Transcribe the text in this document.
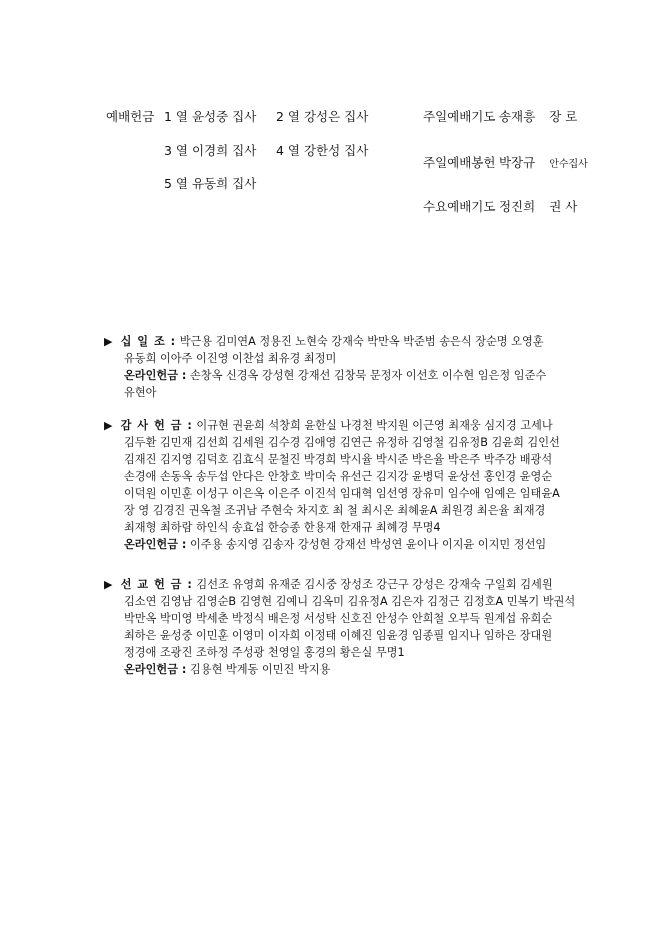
예배헌금 1 열 윤성중 집사 2 열 강성은 집사
3 열 이경희 집사 4 열 강한성 집사
5 열 유동희 집사
주일예배기도 송재흥 장 로
주일예배봉헌 박장규 안수집사
수요예배기도 정진희 권 사
▶ 십 일 조 : 박근용 김미연A 정용진 노현숙 강재숙 박만옥 박준범 송은식 장순명 오영훈
유동희 이아주 이진영 이찬섭 최유경 최정미
온라인헌금 : 손창옥 신경옥 강성현 강재선 김창묵 문정자 이선호 이수현 임은정 임준수
유현아
▶ 감 사 헌 금 : 이규현 권윤희 석창희 윤한실 나경천 박지원 이근영 최재웅 심지경 고세나
김두환 김민재 김선희 김세원 김수경 김애영 김연근 유정하 김영철 김유정B 김윤희 김인선
김재진 김지영 김덕호 김효식 문철진 박경희 박시율 박시준 박은율 박은주 박주강 배광석
손경애 손동옥 송두섭 안다은 안창호 박미숙 유선근 김지강 윤병덕 윤상선 홍인경 윤영순
이덕원 이민훈 이성구 이은옥 이은주 이진석 임대혁 임선영 장유미 임수애 임예은 임태윤A
장 영 김경진 권옥철 조귀남 주현숙 차지호 최 철 최시온 최혜윤A 최원경 최은율 최재경
최재형 최하람 하인식 송효섭 한승종 한용재 한재규 최혜경 무명4
온라인헌금 : 이주용 송지영 김송자 강성현 강재선 박성연 윤이나 이지윤 이지민 정선임
▶ 선 교 헌 금 : 김선조 유영희 유재준 김시중 장성조 강근구 강성은 강재숙 구일회 김세원
김소연 김영남 김영순B 김영현 김예니 김옥미 김유정A 김은자 김정근 김정호A 민복기 박권석
박만옥 박미영 박세춘 박정식 배은정 서성탁 신호진 안성수 안희철 오부득 원계섭 유희순
최하은 윤성중 이민훈 이영미 이자희 이정태 이혜진 임윤경 임종필 임지나 임하은 장대원
정경애 조광진 조하정 주성광 천영일 홍경의 황은실 무명1
온라인헌금 : 김용현 박계동 이민진 박지용
